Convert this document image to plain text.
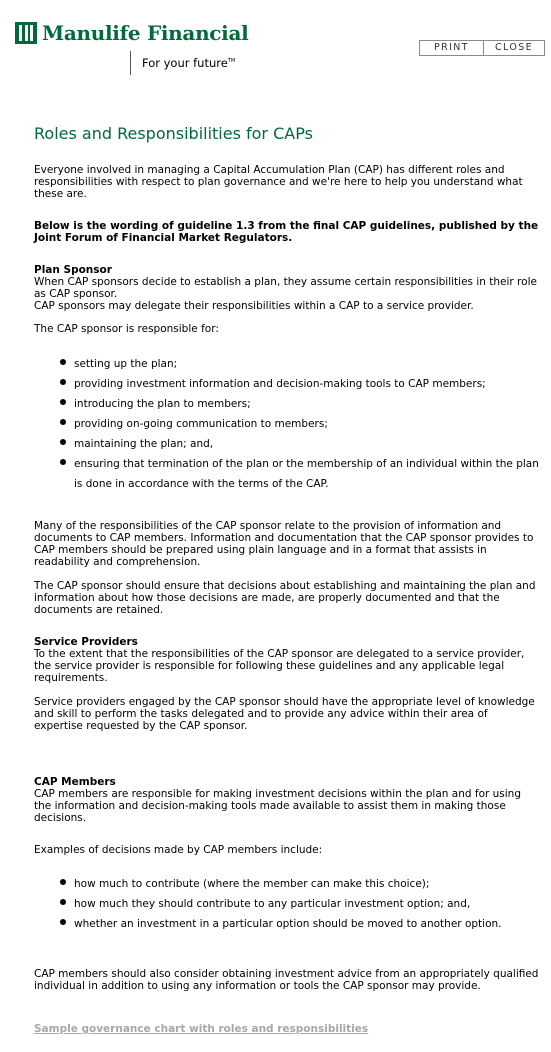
Manulife Financial
For your future™
PRINT	CLOSE
Roles and Responsibilities for CAPs

Everyone involved in managing a Capital Accumulation Plan (CAP) has different roles and responsibilities with respect to plan governance and we're here to help you understand what these are.

Below is the wording of guideline 1.3 from the final CAP guidelines, published by the Joint Forum of Financial Market Regulators.

Plan Sponsor

When CAP sponsors decide to establish a plan, they assume certain responsibilities in their role as CAP sponsor.

CAP sponsors may delegate their responsibilities within a CAP to a service provider.

The CAP sponsor is responsible for:

setting up the plan;
providing investment information and decision-making tools to CAP members;
introducing the plan to members;
providing on-going communication to members;
maintaining the plan; and,
ensuring that termination of the plan or the membership of an individual within the plan is done in accordance with the terms of the CAP.

Many of the responsibilities of the CAP sponsor relate to the provision of information and documents to CAP members. Information and documentation that the CAP sponsor provides to CAP members should be prepared using plain language and in a format that assists in readability and comprehension.

The CAP sponsor should ensure that decisions about establishing and maintaining the plan and information about how those decisions are made, are properly documented and that the documents are retained.

Service Providers

To the extent that the responsibilities of the CAP sponsor are delegated to a service provider, the service provider is responsible for following these guidelines and any applicable legal requirements.

Service providers engaged by the CAP sponsor should have the appropriate level of knowledge and skill to perform the tasks delegated and to provide any advice within their area of expertise requested by the CAP sponsor.

CAP Members

CAP members are responsible for making investment decisions within the plan and for using the information and decision-making tools made available to assist them in making those decisions.

Examples of decisions made by CAP members include:

how much to contribute (where the member can make this choice);
how much they should contribute to any particular investment option; and,
whether an investment in a particular option should be moved to another option.

CAP members should also consider obtaining investment advice from an appropriately qualified individual in addition to using any information or tools the CAP sponsor may provide.

Sample governance chart with roles and responsibilities
